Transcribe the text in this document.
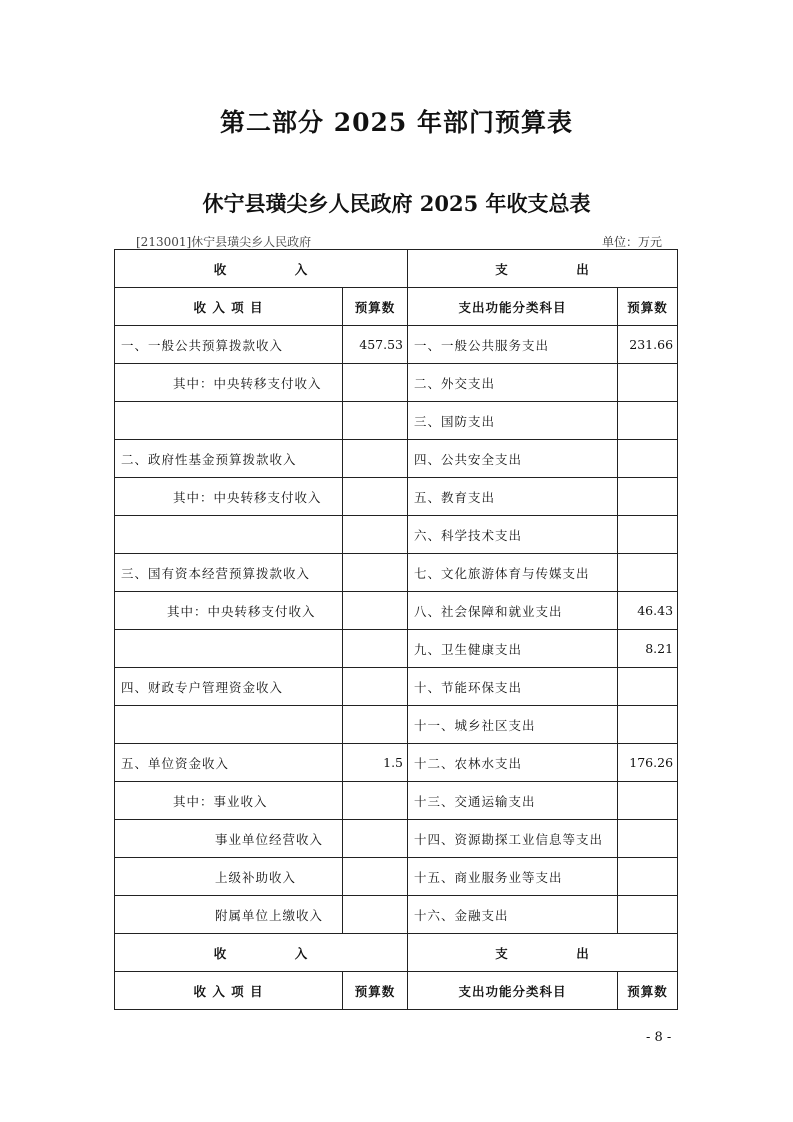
第二部分 2025 年部门预算表
休宁县璜尖乡人民政府 2025 年收支总表
[213001]休宁县璜尖乡人民政府	单位：万元
收　　　　　入		支　　　　　出	
收 入 项 目	预算数	支出功能分类科目	预算数
一、一般公共预算拨款收入	457.53	一、一般公共服务支出	231.66
其中：中央转移支付收入		二、外交支出	
		三、国防支出	
二、政府性基金预算拨款收入		四、公共安全支出	
其中：中央转移支付收入		五、教育支出	
		六、科学技术支出	
三、国有资本经营预算拨款收入		七、文化旅游体育与传媒支出	
其中：中央转移支付收入		八、社会保障和就业支出	46.43
		九、卫生健康支出	8.21
四、财政专户管理资金收入		十、节能环保支出	
		十一、城乡社区支出	
五、单位资金收入	1.5	十二、农林水支出	176.26
其中：事业收入		十三、交通运输支出	
事业单位经营收入		十四、资源勘探工业信息等支出	
上级补助收入		十五、商业服务业等支出	
附属单位上缴收入		十六、金融支出	
收　　　　　入		支　　　　　出	
收 入 项 目	预算数	支出功能分类科目	预算数
- 8 -
